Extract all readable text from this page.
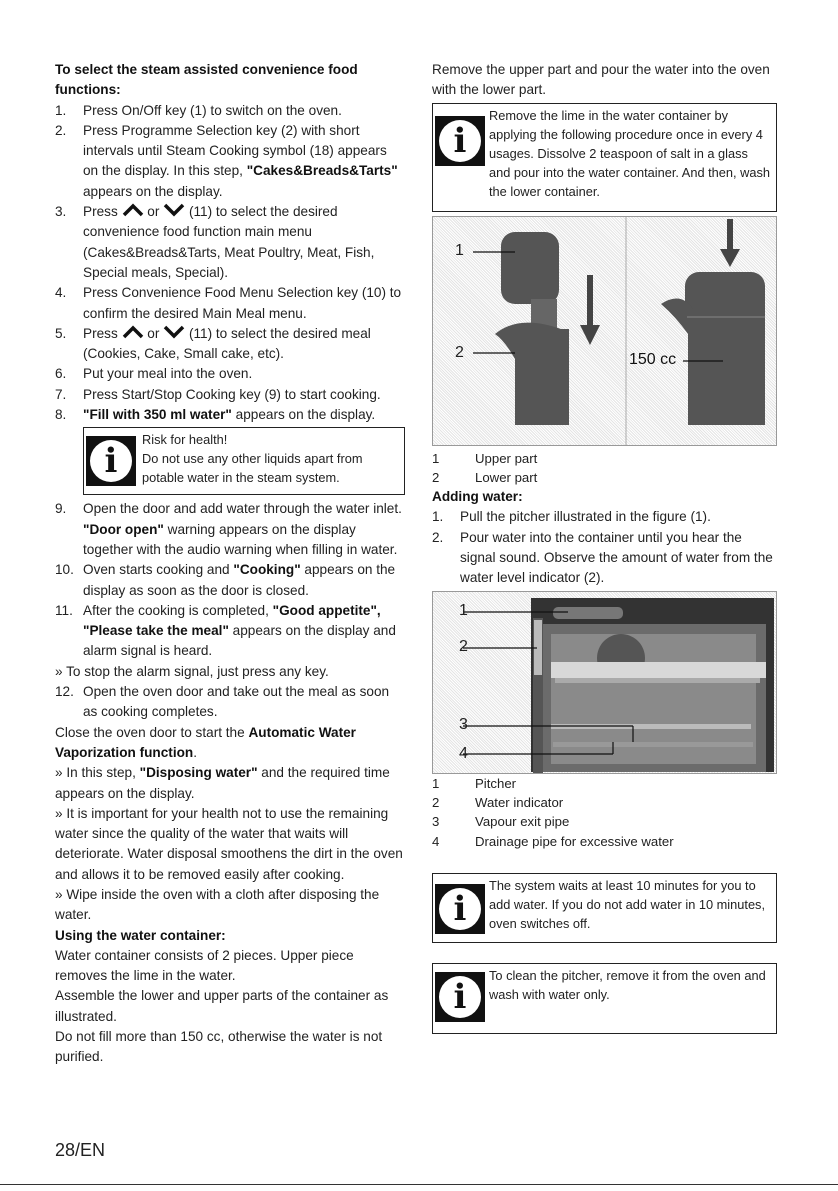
To select the steam assisted convenience food functions:
1. Press On/Off key (1) to switch on the oven.
2. Press Programme Selection key (2) with short intervals until Steam Cooking symbol (18) appears on the display. In this step, "Cakes&Breads&Tarts" appears on the display.
3. Press  or  (11) to select the desired convenience food function main menu (Cakes&Breads&Tarts, Meat Poultry, Meat, Fish, Special meals, Special).
4. Press Convenience Food Menu Selection key (10) to confirm the desired Main Meal menu.
5. Press  or  (11) to select the desired meal (Cookies, Cake, Small cake, etc).
6. Put your meal into the oven.
7. Press Start/Stop Cooking key (9) to start cooking.
8. "Fill with 350 ml water" appears on the display.
i
Risk for health!
Do not use any other liquids apart from potable water in the steam system.
9. Open the door and add water through the water inlet. "Door open" warning appears on the display together with the audio warning when filling in water.
10. Oven starts cooking and "Cooking" appears on the display as soon as the door is closed.
11. After the cooking is completed, "Good appetite", "Please take the meal" appears on the display and alarm signal is heard.
» To stop the alarm signal, just press any key.
12. Open the oven door and take out the meal as soon as cooking completes.
Close the oven door to start the Automatic Water Vaporization function.
» In this step, "Disposing water" and the required time appears on the display.
» It is important for your health not to use the remaining water since the quality of the water that waits will deteriorate. Water disposal smoothens the dirt in the oven and allows it to be removed easily after cooking.
» Wipe inside the oven with a cloth after disposing the water.
Using the water container:
Water container consists of 2 pieces. Upper piece removes the lime in the water.
Assemble the lower and upper parts of the container as illustrated.
Do not fill more than 150 cc, otherwise the water is not purified.
Remove the upper part and pour the water into the oven with the lower part.
i
Remove the lime in the water container by applying the following procedure once in every 4 usages. Dissolve 2 teaspoon of salt in a glass and pour into the water container. And then, wash the lower container.
1
2	150 cc
1	Upper part
2	Lower part
Adding water:
1. Pull the pitcher illustrated in the figure (1).
2. Pour water into the container until you hear the signal sound. Observe the amount of water from the water level indicator (2).
1
2
3
4
1	Pitcher
2	Water indicator
3	Vapour exit pipe
4	Drainage pipe for excessive water
i
The system waits at least 10 minutes for you to add water. If you do not add water in 10 minutes, oven switches off.
i
To clean the pitcher, remove it from the oven and wash with water only.
28/EN
